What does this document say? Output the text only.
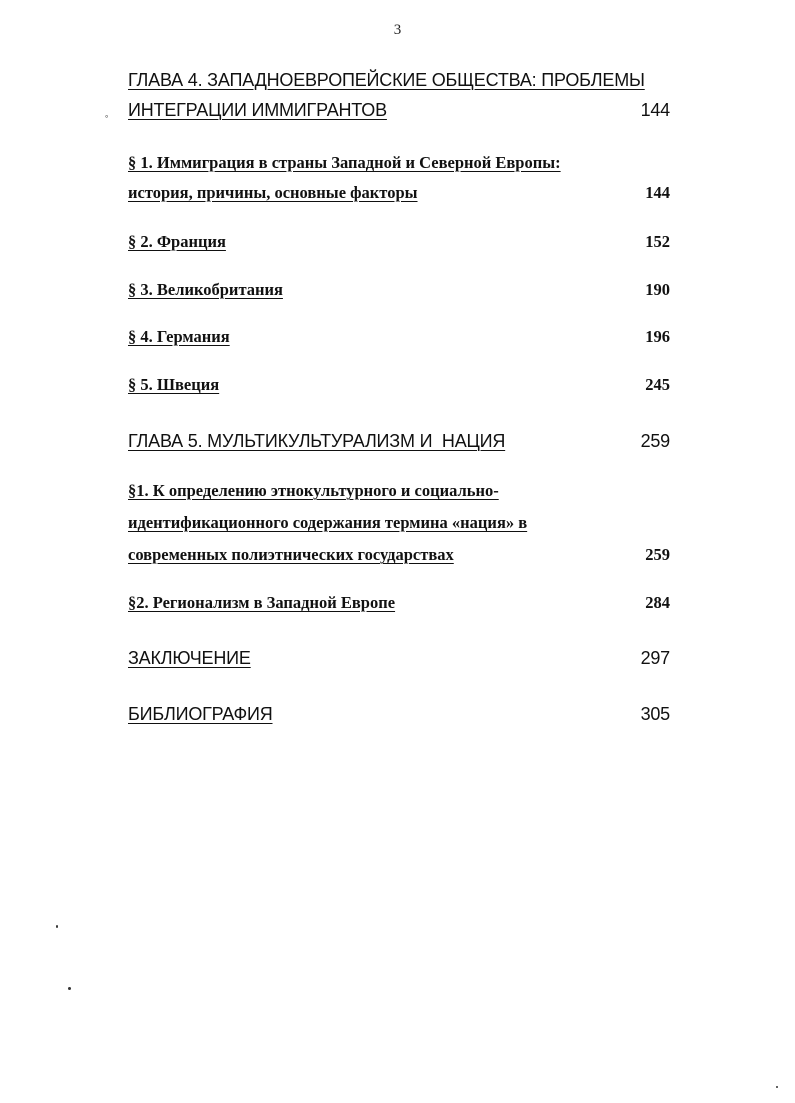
3
∘
ГЛАВА 4. ЗАПАДНОЕВРОПЕЙСКИЕ ОБЩЕСТВА: ПРОБЛЕМЫ
ИНТЕГРАЦИИ ИММИГРАНТОВ	144
§ 1. Иммиграция в страны Западной и Северной Европы:
история, причины, основные факторы	144
§ 2. Франция	152
§ 3. Великобритания	190
§ 4. Германия	196
§ 5. Швеция	245
ГЛАВА 5. МУЛЬТИКУЛЬТУРАЛИЗМ И  НАЦИЯ	259
§1. К определению этнокультурного и социально-
идентификационного содержания термина «нация» в
современных полиэтнических государствах	259
§2. Регионализм в Западной Европе	284
ЗАКЛЮЧЕНИЕ	297
БИБЛИОГРАФИЯ	305
